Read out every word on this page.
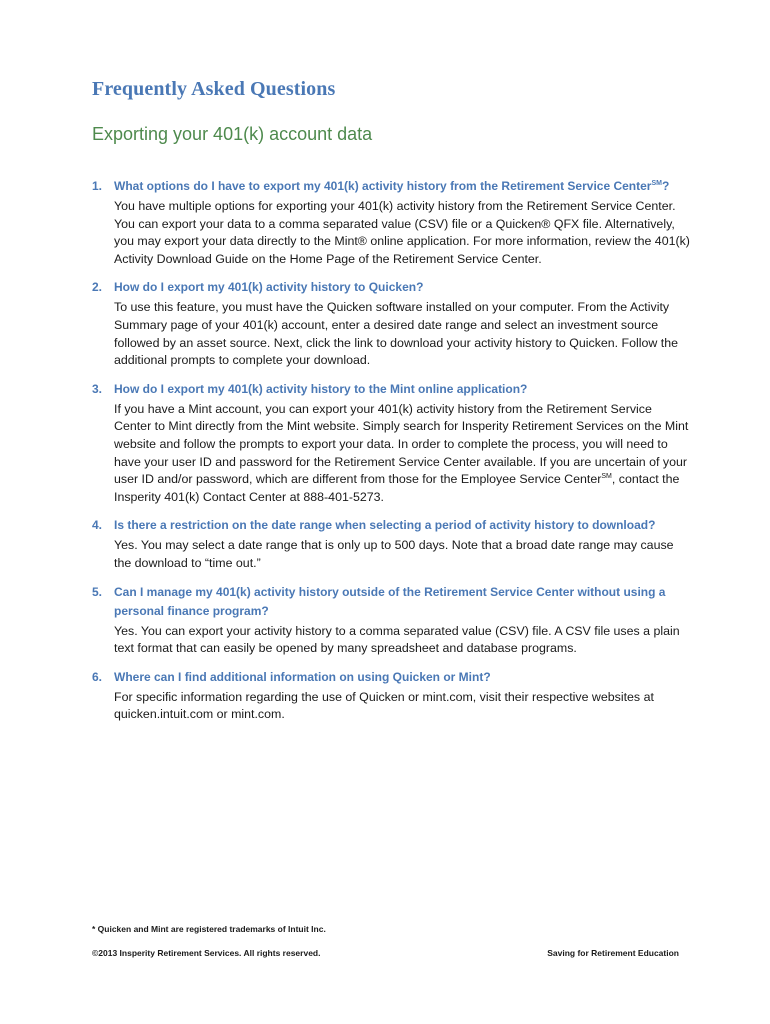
Frequently Asked Questions
Exporting your 401(k) account data
1. What options do I have to export my 401(k) activity history from the Retirement Service Center℠?

You have multiple options for exporting your 401(k) activity history from the Retirement Service Center. You can export your data to a comma separated value (CSV) file or a Quicken® QFX file. Alternatively, you may export your data directly to the Mint® online application. For more information, review the 401(k) Activity Download Guide on the Home Page of the Retirement Service Center.

2. How do I export my 401(k) activity history to Quicken?

To use this feature, you must have the Quicken software installed on your computer. From the Activity Summary page of your 401(k) account, enter a desired date range and select an investment source followed by an asset source. Next, click the link to download your activity history to Quicken. Follow the additional prompts to complete your download.

3. How do I export my 401(k) activity history to the Mint online application?

If you have a Mint account, you can export your 401(k) activity history from the Retirement Service Center to Mint directly from the Mint website. Simply search for Insperity Retirement Services on the Mint website and follow the prompts to export your data. In order to complete the process, you will need to have your user ID and password for the Retirement Service Center available. If you are uncertain of your user ID and/or password, which are different from those for the Employee Service Center℠, contact the Insperity 401(k) Contact Center at 888-401-5273.

4. Is there a restriction on the date range when selecting a period of activity history to download?

Yes. You may select a date range that is only up to 500 days. Note that a broad date range may cause the download to “time out.”

5. Can I manage my 401(k) activity history outside of the Retirement Service Center without using a personal finance program?

Yes. You can export your activity history to a comma separated value (CSV) file. A CSV file uses a plain text format that can easily be opened by many spreadsheet and database programs.

6. Where can I find additional information on using Quicken or Mint?

For specific information regarding the use of Quicken or mint.com, visit their respective websites at quicken.intuit.com or mint.com.

* Quicken and Mint are registered trademarks of Intuit Inc.
©2013 Insperity Retirement Services. All rights reserved.	Saving for Retirement Education
